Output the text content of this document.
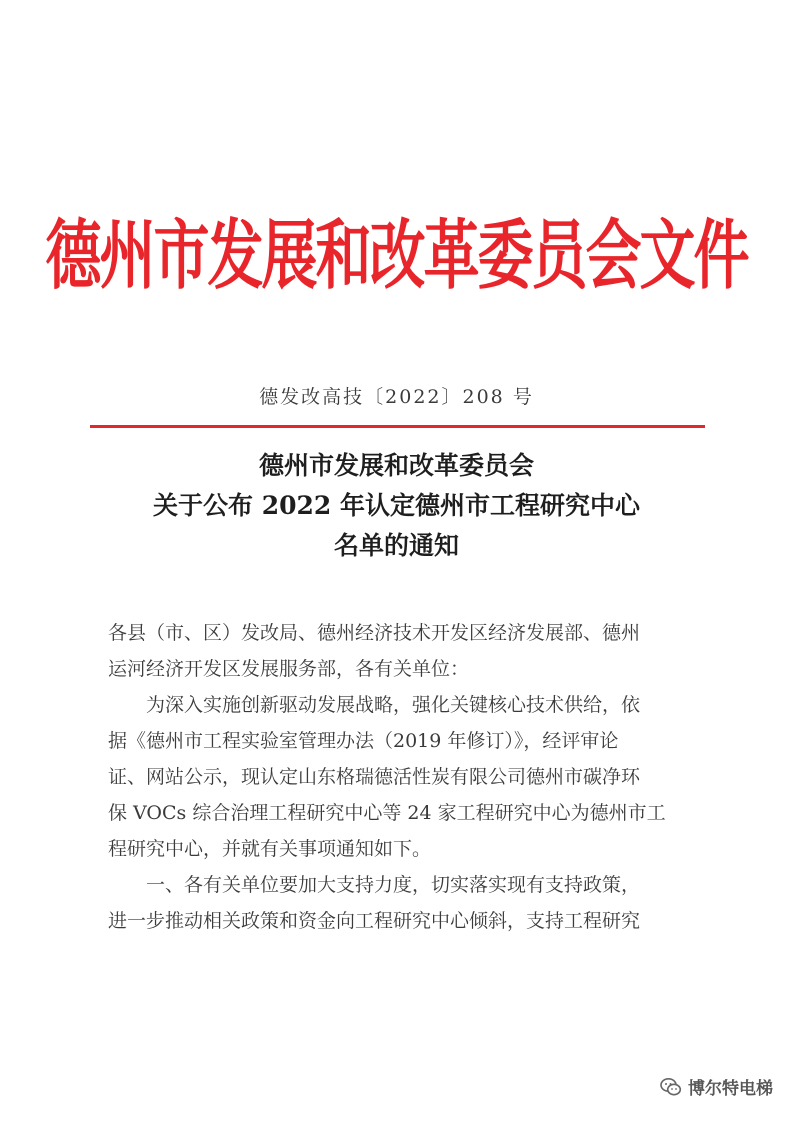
德州市发展和改革委员会文件
德发改高技〔2022〕208 号
德州市发展和改革委员会
关于公布 2022 年认定德州市工程研究中心
名单的通知
各县（市、区）发改局、德州经济技术开发区经济发展部、德州
运河经济开发区发展服务部，各有关单位：
为深入实施创新驱动发展战略，强化关键核心技术供给，依
据《德州市工程实验室管理办法（2019 年修订）》，经评审论
证、网站公示，现认定山东格瑞德活性炭有限公司德州市碳净环
保 VOCs 综合治理工程研究中心等 24 家工程研究中心为德州市工
程研究中心，并就有关事项通知如下。
一、各有关单位要加大支持力度，切实落实现有支持政策，
进一步推动相关政策和资金向工程研究中心倾斜，支持工程研究
博尔特电梯
